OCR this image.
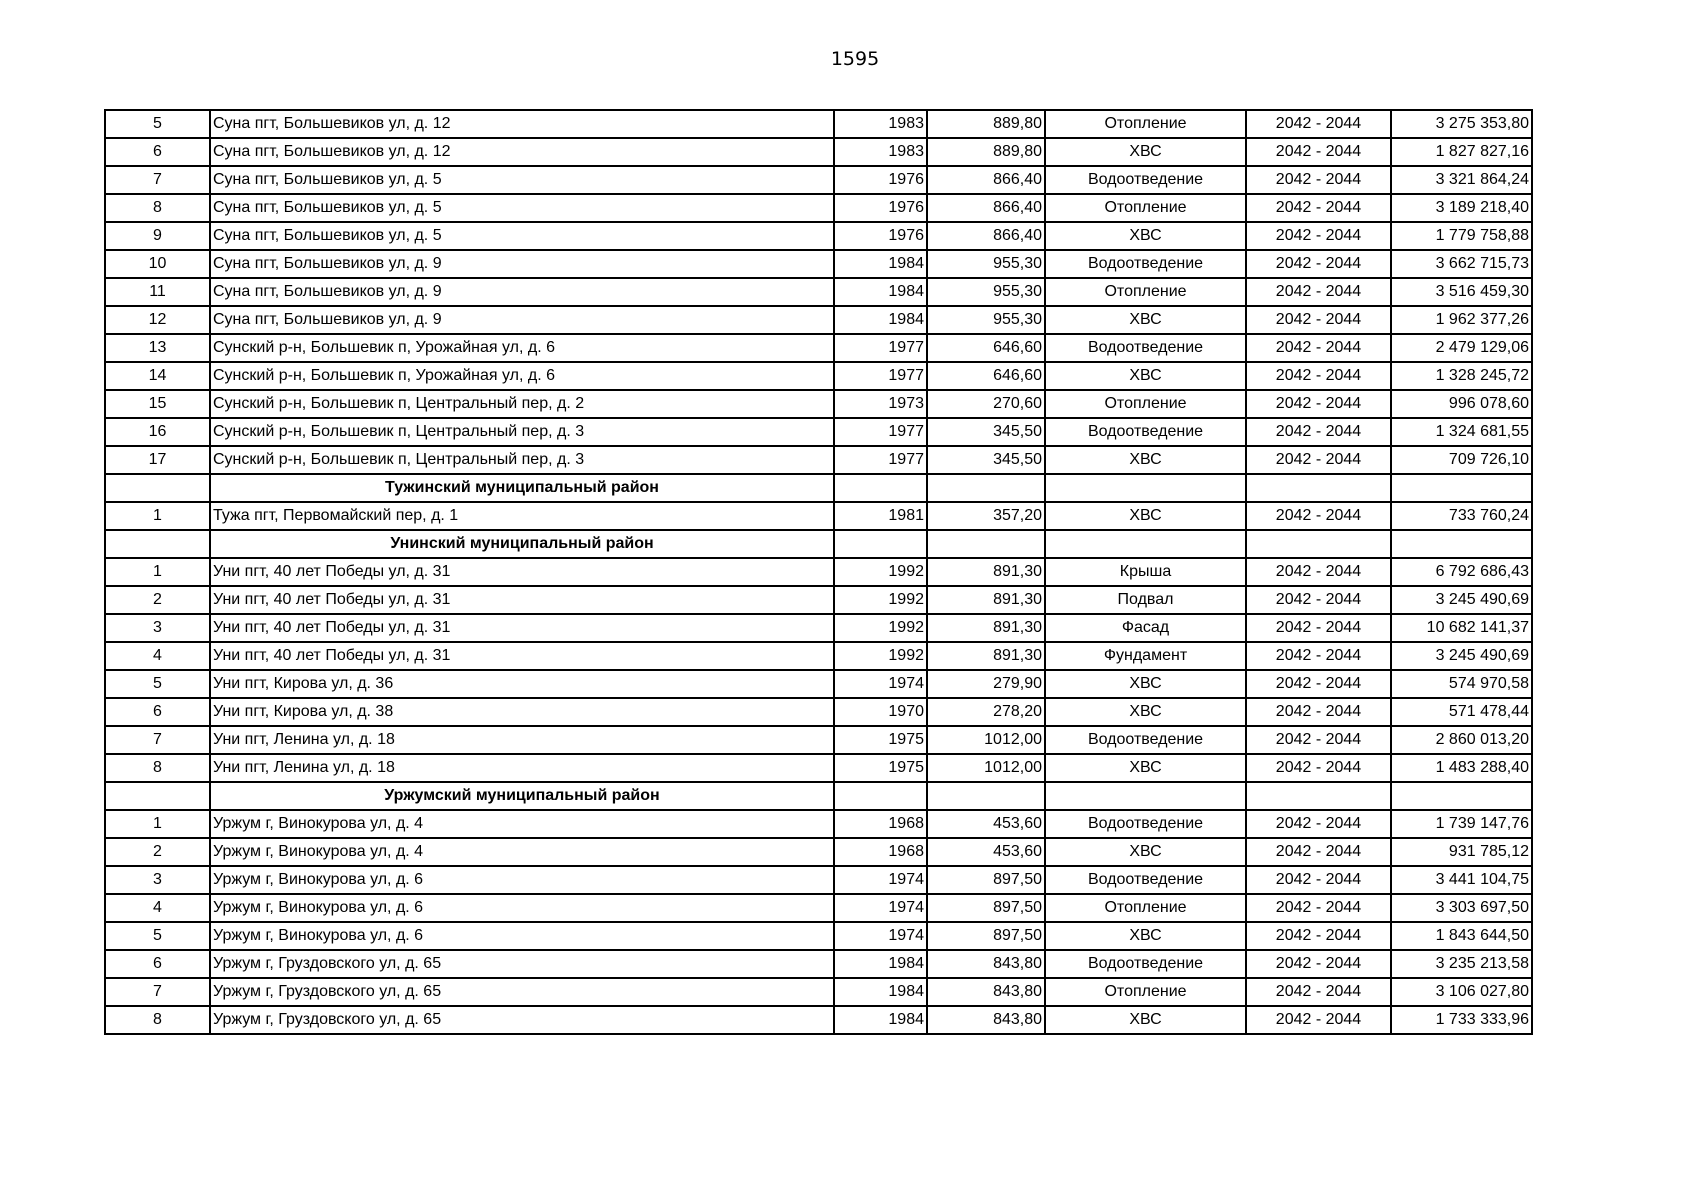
1595
5	Суна пгт, Большевиков ул, д. 12	1983	889,80	Отопление	2042 - 2044	3 275 353,80
6	Суна пгт, Большевиков ул, д. 12	1983	889,80	ХВС	2042 - 2044	1 827 827,16
7	Суна пгт, Большевиков ул, д. 5	1976	866,40	Водоотведение	2042 - 2044	3 321 864,24
8	Суна пгт, Большевиков ул, д. 5	1976	866,40	Отопление	2042 - 2044	3 189 218,40
9	Суна пгт, Большевиков ул, д. 5	1976	866,40	ХВС	2042 - 2044	1 779 758,88
10	Суна пгт, Большевиков ул, д. 9	1984	955,30	Водоотведение	2042 - 2044	3 662 715,73
11	Суна пгт, Большевиков ул, д. 9	1984	955,30	Отопление	2042 - 2044	3 516 459,30
12	Суна пгт, Большевиков ул, д. 9	1984	955,30	ХВС	2042 - 2044	1 962 377,26
13	Сунский р-н, Большевик п, Урожайная ул, д. 6	1977	646,60	Водоотведение	2042 - 2044	2 479 129,06
14	Сунский р-н, Большевик п, Урожайная ул, д. 6	1977	646,60	ХВС	2042 - 2044	1 328 245,72
15	Сунский р-н, Большевик п, Центральный пер, д. 2	1973	270,60	Отопление	2042 - 2044	996 078,60
16	Сунский р-н, Большевик п, Центральный пер, д. 3	1977	345,50	Водоотведение	2042 - 2044	1 324 681,55
17	Сунский р-н, Большевик п, Центральный пер, д. 3	1977	345,50	ХВС	2042 - 2044	709 726,10
	Тужинский муниципальный район					
1	Тужа пгт, Первомайский пер, д. 1	1981	357,20	ХВС	2042 - 2044	733 760,24
	Унинский муниципальный район					
1	Уни пгт, 40 лет Победы ул, д. 31	1992	891,30	Крыша	2042 - 2044	6 792 686,43
2	Уни пгт, 40 лет Победы ул, д. 31	1992	891,30	Подвал	2042 - 2044	3 245 490,69
3	Уни пгт, 40 лет Победы ул, д. 31	1992	891,30	Фасад	2042 - 2044	10 682 141,37
4	Уни пгт, 40 лет Победы ул, д. 31	1992	891,30	Фундамент	2042 - 2044	3 245 490,69
5	Уни пгт, Кирова ул, д. 36	1974	279,90	ХВС	2042 - 2044	574 970,58
6	Уни пгт, Кирова ул, д. 38	1970	278,20	ХВС	2042 - 2044	571 478,44
7	Уни пгт, Ленина ул, д. 18	1975	1012,00	Водоотведение	2042 - 2044	2 860 013,20
8	Уни пгт, Ленина ул, д. 18	1975	1012,00	ХВС	2042 - 2044	1 483 288,40
	Уржумский муниципальный район					
1	Уржум г, Винокурова ул, д. 4	1968	453,60	Водоотведение	2042 - 2044	1 739 147,76
2	Уржум г, Винокурова ул, д. 4	1968	453,60	ХВС	2042 - 2044	931 785,12
3	Уржум г, Винокурова ул, д. 6	1974	897,50	Водоотведение	2042 - 2044	3 441 104,75
4	Уржум г, Винокурова ул, д. 6	1974	897,50	Отопление	2042 - 2044	3 303 697,50
5	Уржум г, Винокурова ул, д. 6	1974	897,50	ХВС	2042 - 2044	1 843 644,50
6	Уржум г, Груздовского ул, д. 65	1984	843,80	Водоотведение	2042 - 2044	3 235 213,58
7	Уржум г, Груздовского ул, д. 65	1984	843,80	Отопление	2042 - 2044	3 106 027,80
8	Уржум г, Груздовского ул, д. 65	1984	843,80	ХВС	2042 - 2044	1 733 333,96
